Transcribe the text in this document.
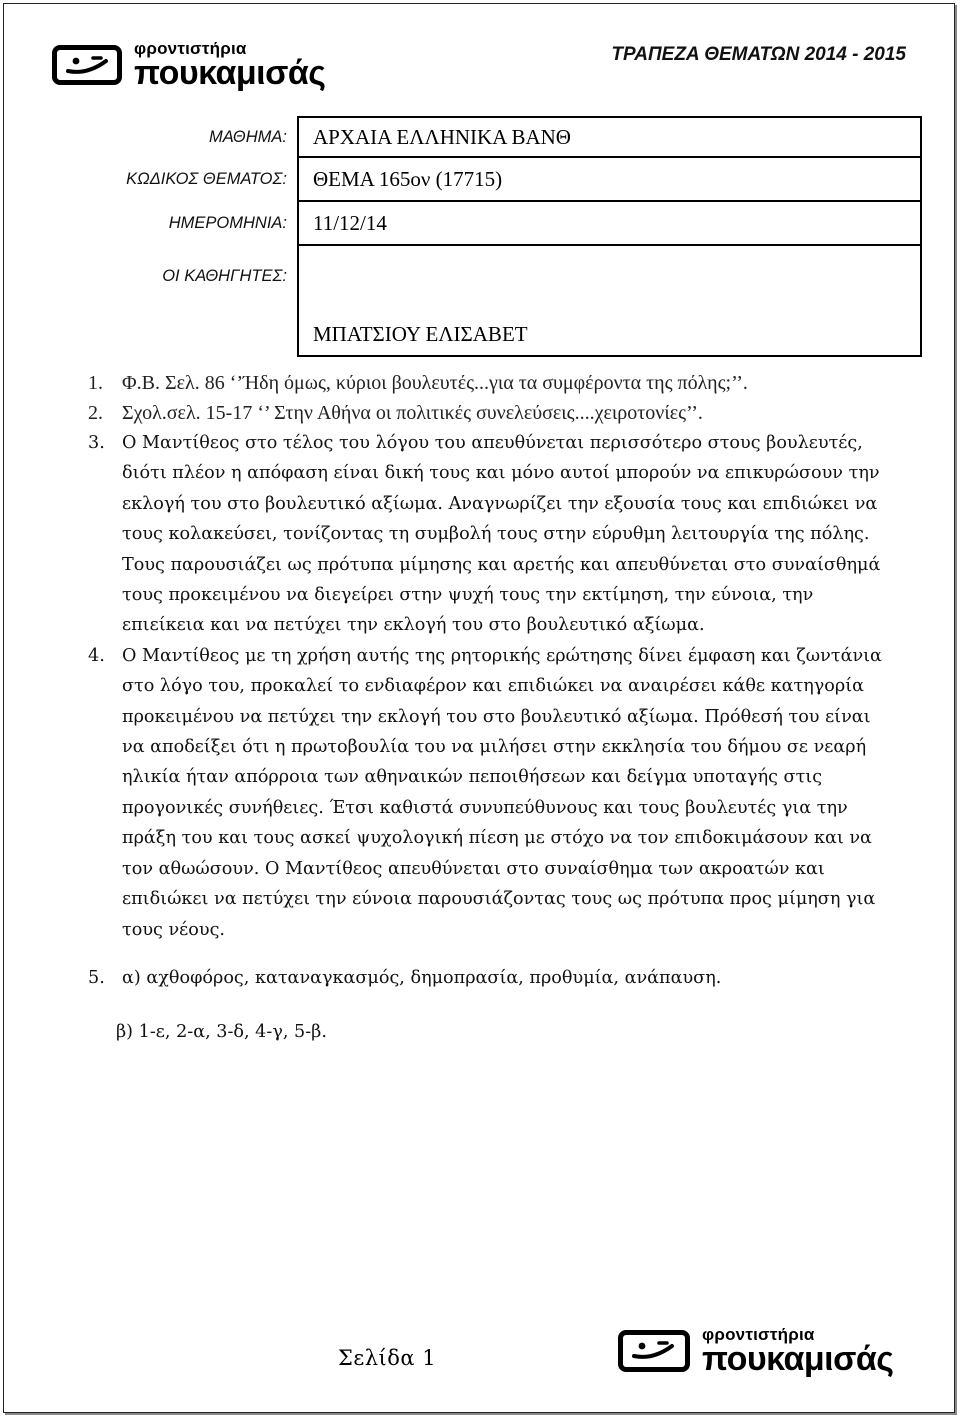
φροντιστήρια
πουκαμισάς	ΤΡΑΠΕΖΑ ΘΕΜΑΤΩΝ 2014 - 2015
ΜΑΘΗΜΑ:	ΑΡΧΑΙΑ ΕΛΛΗΝΙΚΑ ΒΑΝΘ
ΚΩΔΙΚΟΣ ΘΕΜΑΤΟΣ:	ΘΕΜΑ 165ον (17715)
ΗΜΕΡΟΜΗΝΙΑ:	11/12/14
ΟΙ ΚΑΘΗΓΗΤΕΣ:	ΜΠΑΤΣΙΟΥ ΕΛΙΣΑΒΕΤ
1. Φ.Β. Σελ. 86 ‘’Ήδη όμως, κύριοι βουλευτές...για τα συμφέροντα της πόλης;’’.
2. Σχολ.σελ. 15-17 ‘’ Στην Αθήνα οι πολιτικές συνελεύσεις....χειροτονίες’’.
3. Ο Μαντίθεος στο τέλος του λόγου του απευθύνεται περισσότερο στους βουλευτές, διότι πλέον η απόφαση είναι δική τους και μόνο αυτοί μπορούν να επικυρώσουν την εκλογή του στο βουλευτικό αξίωμα. Αναγνωρίζει την εξουσία τους και επιδιώκει να τους κολακεύσει, τονίζοντας τη συμβολή τους στην εύρυθμη λειτουργία της πόλης. Τους παρουσιάζει ως πρότυπα μίμησης και αρετής και απευθύνεται στο συναίσθημά τους προκειμένου να διεγείρει στην ψυχή τους την εκτίμηση, την εύνοια, την επιείκεια και να πετύχει την εκλογή του στο βουλευτικό αξίωμα.
4. Ο Μαντίθεος με τη χρήση αυτής της ρητορικής ερώτησης δίνει έμφαση και ζωντάνια στο λόγο του, προκαλεί το ενδιαφέρον και επιδιώκει να αναιρέσει κάθε κατηγορία προκειμένου να πετύχει την εκλογή του στο βουλευτικό αξίωμα. Πρόθεσή του είναι να αποδείξει ότι η πρωτοβουλία του να μιλήσει στην εκκλησία του δήμου σε νεαρή ηλικία ήταν απόρροια των αθηναικών πεποιθήσεων και δείγμα υποταγής στις προγονικές συνήθειες. Έτσι καθιστά συνυπεύθυνους και τους βουλευτές για την πράξη του και τους ασκεί ψυχολογική πίεση με στόχο να τον επιδοκιμάσουν και να τον αθωώσουν. Ο Μαντίθεος απευθύνεται στο συναίσθημα των ακροατών και επιδιώκει να πετύχει την εύνοια παρουσιάζοντας τους ως πρότυπα προς μίμηση για τους νέους.
5. α) αχθοφόρος, καταναγκασμός, δημοπρασία, προθυμία, ανάπαυση.
β) 1-ε, 2-α, 3-δ, 4-γ, 5-β.
Σελίδα 1
φροντιστήρια
πουκαμισάς
